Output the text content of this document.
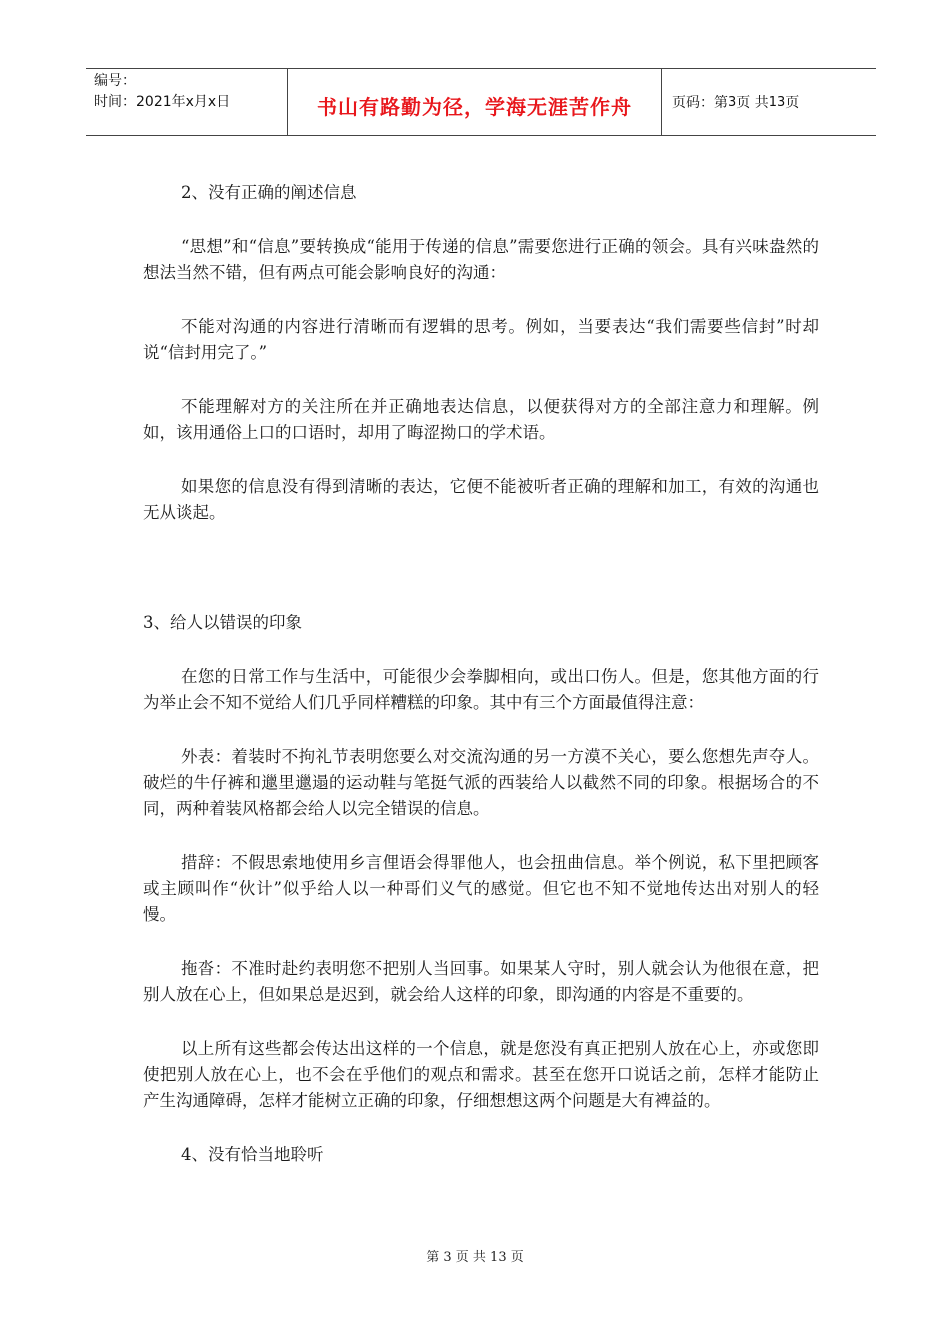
编号：
时间：2021年x月x日	书山有路勤为径，学海无涯苦作舟	页码：第 3 页 共 13 页
2、没有正确的阐述信息

“思想”和“信息”要转换成“能用于传递的信息”需要您进行正确的领会。具有兴味盎然的想法当然不错，但有两点可能会影响良好的沟通：

不能对沟通的内容进行清晰而有逻辑的思考。例如，当要表达“我们需要些信封”时却说“信封用完了。”

不能理解对方的关注所在并正确地表达信息，以便获得对方的全部注意力和理解。例如，该用通俗上口的口语时，却用了晦涩拗口的学术语。

如果您的信息没有得到清晰的表达，它便不能被听者正确的理解和加工，有效的沟通也无从谈起。

3、给人以错误的印象

在您的日常工作与生活中，可能很少会拳脚相向，或出口伤人。但是，您其他方面的行为举止会不知不觉给人们几乎同样糟糕的印象。其中有三个方面最值得注意：

外表：着装时不拘礼节表明您要么对交流沟通的另一方漠不关心，要么您想先声夺人。破烂的牛仔裤和邋里邋遢的运动鞋与笔挺气派的西装给人以截然不同的印象。根据场合的不同，两种着装风格都会给人以完全错误的信息。

措辞：不假思索地使用乡言俚语会得罪他人，也会扭曲信息。举个例说，私下里把顾客或主顾叫作“伙计”似乎给人以一种哥们义气的感觉。但它也不知不觉地传达出对别人的轻慢。

拖沓：不准时赴约表明您不把别人当回事。如果某人守时，别人就会认为他很在意，把别人放在心上，但如果总是迟到，就会给人这样的印象，即沟通的内容是不重要的。

以上所有这些都会传达出这样的一个信息，就是您没有真正把别人放在心上，亦或您即使把别人放在心上，也不会在乎他们的观点和需求。甚至在您开口说话之前，怎样才能防止产生沟通障碍，怎样才能树立正确的印象，仔细想想这两个问题是大有裨益的。

4、没有恰当地聆听
第 3 页 共 13 页
